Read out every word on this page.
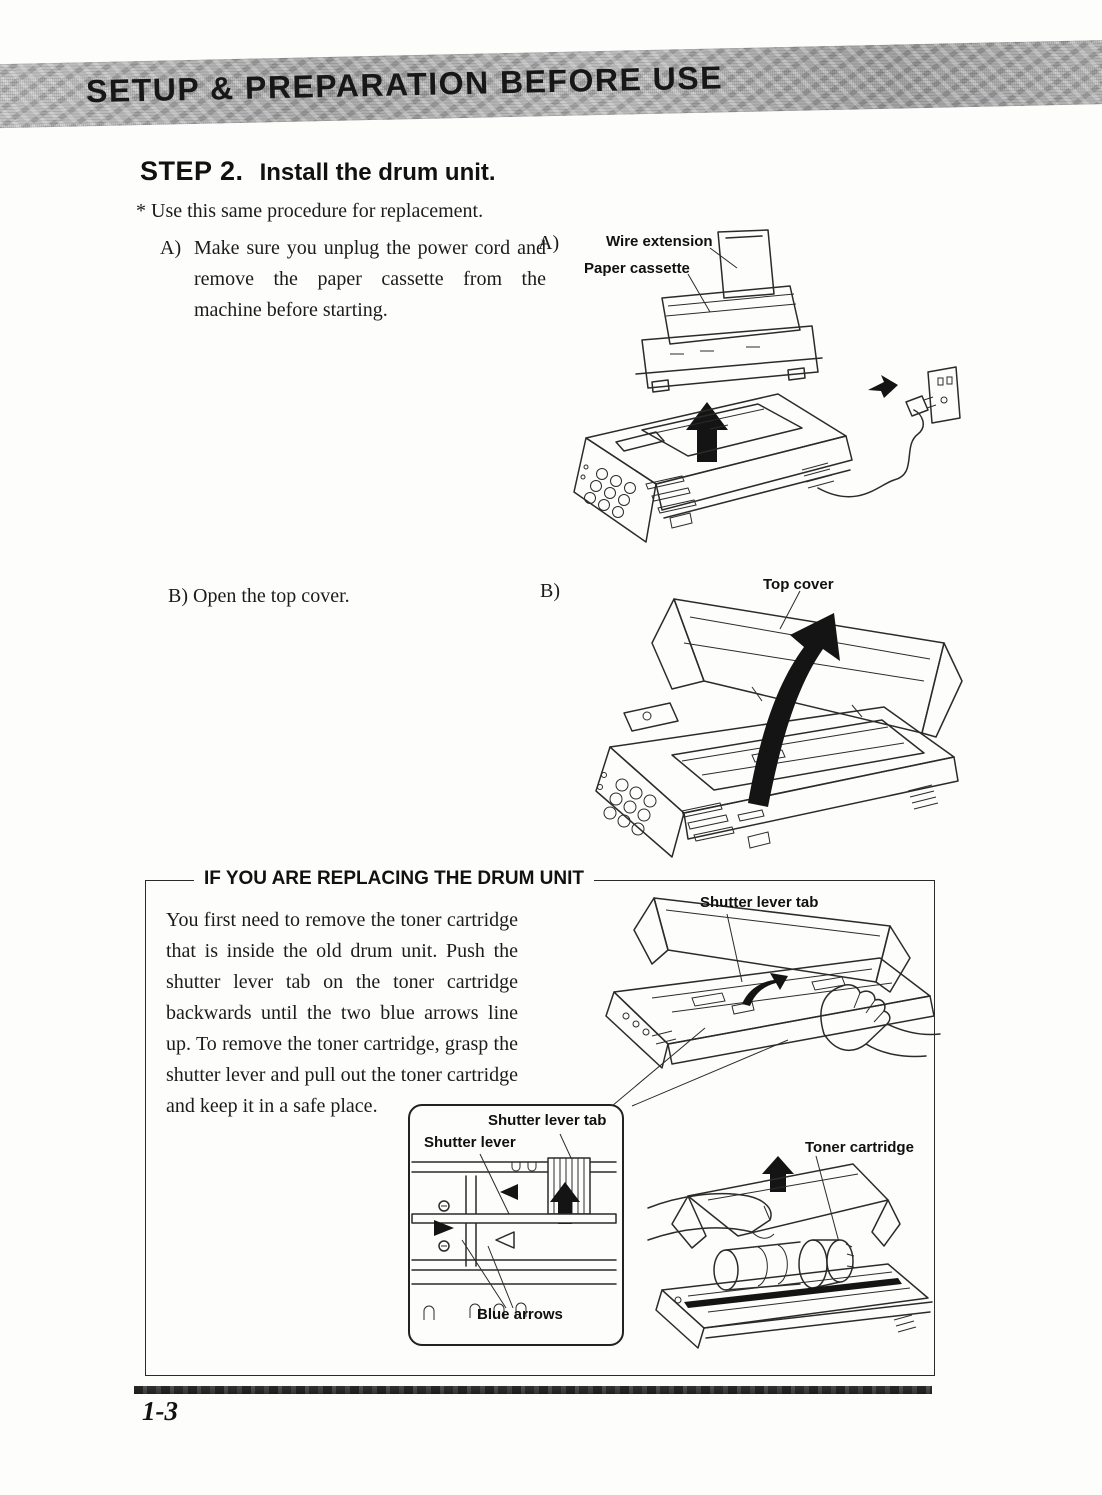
SETUP & PREPARATION BEFORE USE
STEP 2. Install the drum unit.
* Use this same procedure for replacement.
A) Make sure you unplug the power cord and remove the paper cassette from the machine before starting.
A)	Wire extension
Paper cassette
B) Open the top cover.	B)	Top cover
IF YOU ARE REPLACING THE DRUM UNIT
You first need to remove the toner cartridge that is inside the old drum unit. Push the shutter lever tab on the toner cartridge backwards until the two blue arrows line up. To remove the toner cartridge, grasp the shutter lever and pull out the toner cartridge and keep it in a safe place.
Shutter lever tab
Shutter lever tab
Shutter lever
Blue arrows
Toner cartridge
1-3
